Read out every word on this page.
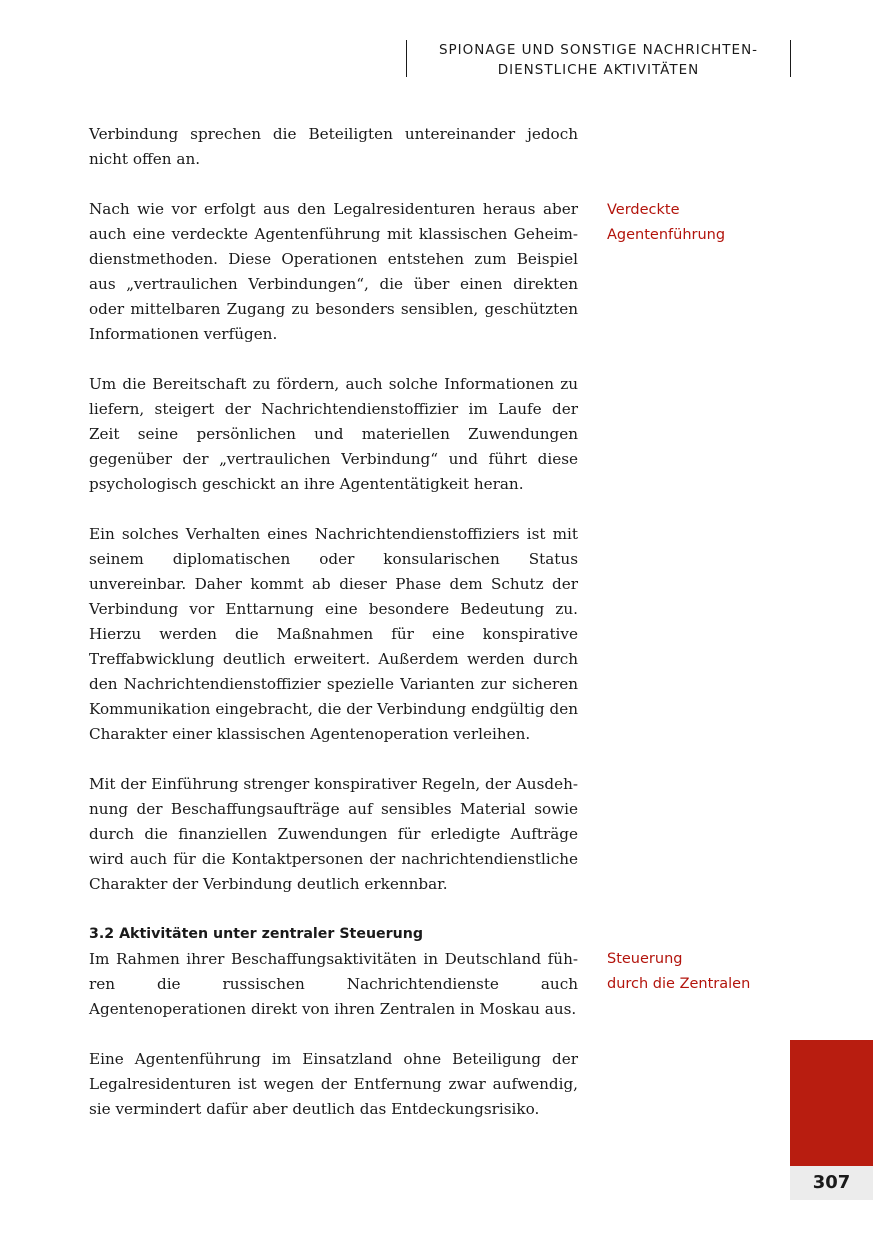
SPIONAGE UND SONSTIGE NACHRICHTEN-
DIENSTLICHE AKTIVITÄTEN

Verbindung sprechen die Beteiligten untereinander jedoch nicht offen an.

Nach wie vor erfolgt aus den Legalresidenturen heraus aber auch eine verdeckte Agentenführung mit klassischen Geheimdienstmethoden. Diese Operationen entstehen zum Beispiel aus „vertraulichen Verbindungen“, die über einen direkten oder mittelbaren Zugang zu besonders sensiblen, geschützten Informationen verfügen.

Um die Bereitschaft zu fördern, auch solche Informationen zu liefern, steigert der Nachrichtendienstoffizier im Laufe der Zeit seine persönlichen und materiellen Zuwendungen gegenüber der „vertraulichen Verbindung“ und führt diese psychologisch geschickt an ihre Agententätigkeit heran.

Ein solches Verhalten eines Nachrichtendienstoffiziers ist mit seinem diplomatischen oder konsularischen Status unvereinbar. Daher kommt ab dieser Phase dem Schutz der Verbindung vor Enttarnung eine besondere Bedeutung zu. Hierzu werden die Maßnahmen für eine konspirative Treffabwicklung deutlich erweitert. Außerdem werden durch den Nachrichtendienstoffizier spezielle Varianten zur sicheren Kommunikation eingebracht, die der Verbindung endgültig den Charakter einer klassischen Agentenoperation verleihen.

Mit der Einführung strenger konspirativer Regeln, der Ausdehnung der Beschaffungsaufträge auf sensibles Material sowie durch die finanziellen Zuwendungen für erledigte Aufträge wird auch für die Kontaktpersonen der nachrichtendienstliche Charakter der Verbindung deutlich erkennbar.

3.2 Aktivitäten unter zentraler Steuerung

Im Rahmen ihrer Beschaffungsaktivitäten in Deutschland führen die russischen Nachrichtendienste auch Agentenoperationen direkt von ihren Zentralen in Moskau aus.

Eine Agentenführung im Einsatzland ohne Beteiligung der Legalresidenturen ist wegen der Entfernung zwar aufwendig, sie vermindert dafür aber deutlich das Entdeckungsrisiko.

Verdeckte
Agentenführung
Steuerung
durch die Zentralen
307
